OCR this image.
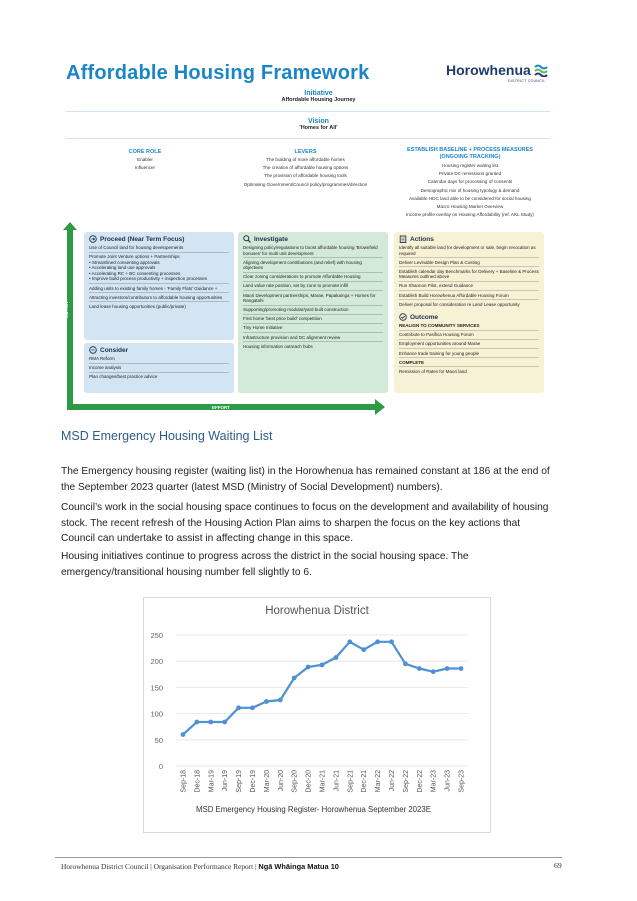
Affordable Housing Framework	Horowhenua
DISTRICT COUNCIL
Initiative
Affordable Housing Journey
Vision
'Homes for All'
CORE ROLE
Enabler
Influencer
LEVERS
The building of more affordable homes
The creation of affordable housing options
The provision of affordable housing tools
Optimising Government/Council policy/programmes/direction
ESTABLISH BASELINE + PROCESS MEASURES
(ONGOING TRACKING)
Housing register waiting list
Private DC remissions granted
Calendar days for processing of consents
Demographic mix of housing typology & demand
Available HDC land able to be considered for social housing
Macro Housing Market Overview
Income profile overlay on Housing Affordability (ref. AKL Study)
IMPACT
EFFORT
Proceed (Near Term Focus)
Use of Council land for housing developements
Promote Joint Venture options + Partnerships
• Streamlined consenting approvals
• Accelerating land use approvals
• Accelerating RC + BC consenting processes
• Improve build process productivity + inspection processes
Adding units to existing family homes - 'Family Flats' Guidance +
Attracting investors/contributors to affordable housing opportunities
Land lease housing opportunities (public/private)
Consider
RMA Reform
Income analysis
Plan changes/best practice advice
Investigate
Designing policy/regulations to boost affordable housing 'Brownfield bonuses' for multi unit development
Aligning development contributions (and relief) with housing objectives
Clear zoning considerations to promote Affordable Housing
Land value rate position, set by zone to promote infill
Maori Development partnerships, Marae, Papakainga + Homes for Rangatahi
Supporting/promoting modular/yard built construction
First home 'best price build' competition
Tiny Home Initiative
Infrastructure provision and DC alignment review
Housing information outreach hubs
Actions
Identify all suitable land for development or sale, begin revocation as required
Deliver Levinable Design Plan & Costing
Establish calendar day Benchmarks for Delivery + Baseline & Process Measures outlined above
Run Shannon Pilot, extend Guidance
Establish Build Horowhenua Affordable Housing Forum
Deliver proposal for consideration re Land Lease opportunity
Outcome
REALIGN TO COMMUNITY SERVICES
Contribute to Pasifica Housing Forum
Employment opportunities around Marae
Enhance trade training for young people
COMPLETE
Remission of Rates for Maori land
MSD Emergency Housing Waiting List
The Emergency housing register (waiting list) in the Horowhenua has remained constant at 186 at the end of the September 2023 quarter (latest MSD (Ministry of Social Development) numbers).
Council’s work in the social housing space continues to focus on the development and availability of housing stock. The recent refresh of the Housing Action Plan aims to sharpen the focus on the key actions that Council can undertake to assist in affecting change in this space.
Housing initiatives continue to progress across the district in the social housing space. The emergency/transitional housing number fell slightly to 6.
Horowhenua District
0
50
100
150
200
250
Sep-18 Dec-18 Mar-19 Jun-19 Sep-19 Dec-19 Mar-20 Jun-20 Sep-20 Dec-20 Mar-21 Jun-21 Sep-21 Dec-21 Mar-22 Jun-22 Sep-22 Dec-22 Mar-23 Jun-23 Sep-23
MSD Emergency Housing Register- Horowhenua September 2023E
Horowhenua District Council | Organisation Performance Report | Ngā Whāinga Matua 10	69
